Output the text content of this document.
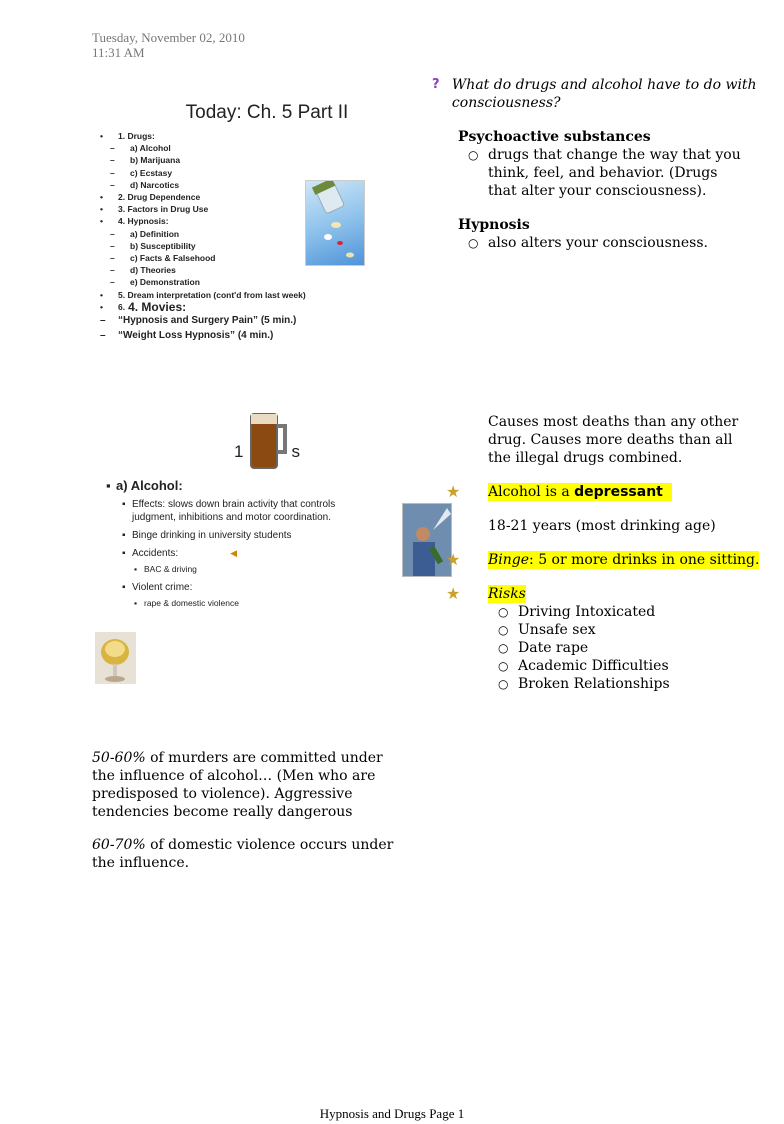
Tuesday, November 02, 2010
11:31 AM
Today: Ch. 5 Part II
•	1. Drugs:
–	a) Alcohol
–	b) Marijuana
–	c) Ecstasy
–	d) Narcotics
•	2. Drug Dependence
•	3. Factors in Drug Use
•	4. Hypnosis:
–	a) Definition
–	b) Susceptibility
–	c) Facts & Falsehood
–	d) Theories
–	e) Demonstration
•	5. Dream interpretation (cont'd from last week)
•	6. 4. Movies:
–	“Hypnosis and Surgery Pain” (5 min.)
–	“Weight Loss Hypnosis” (4 min.)
? What do drugs and alcohol have to do with consciousness?
Psychoactive substances
○ drugs that change the way that you
think, feel, and behavior. (Drugs
that alter your consciousness).
Hypnosis
○ also alters your consciousness.
1	s
▪ a) Alcohol:
▪ Effects: slows down brain activity that controls
judgment, inhibitions and motor coordination.
▪ Binge drinking in university students
▪ Accidents:	◀
▪ BAC & driving
▪ Violent crime:
▪ rape & domestic violence
Causes most deaths than any other
drug. Causes more deaths than all
the illegal drugs combined.
★	Alcohol is a depressant
18-21 years (most drinking age)
★	Binge: 5 or more drinks in one sitting.
★	Risks
○ Driving Intoxicated
○ Unsafe sex
○ Date rape
○ Academic Difficulties
○ Broken Relationships
50-60% of murders are committed under
the influence of alcohol… (Men who are
predisposed to violence). Aggressive
tendencies become really dangerous
60-70% of domestic violence occurs under
the influence.
Hypnosis and Drugs Page 1
